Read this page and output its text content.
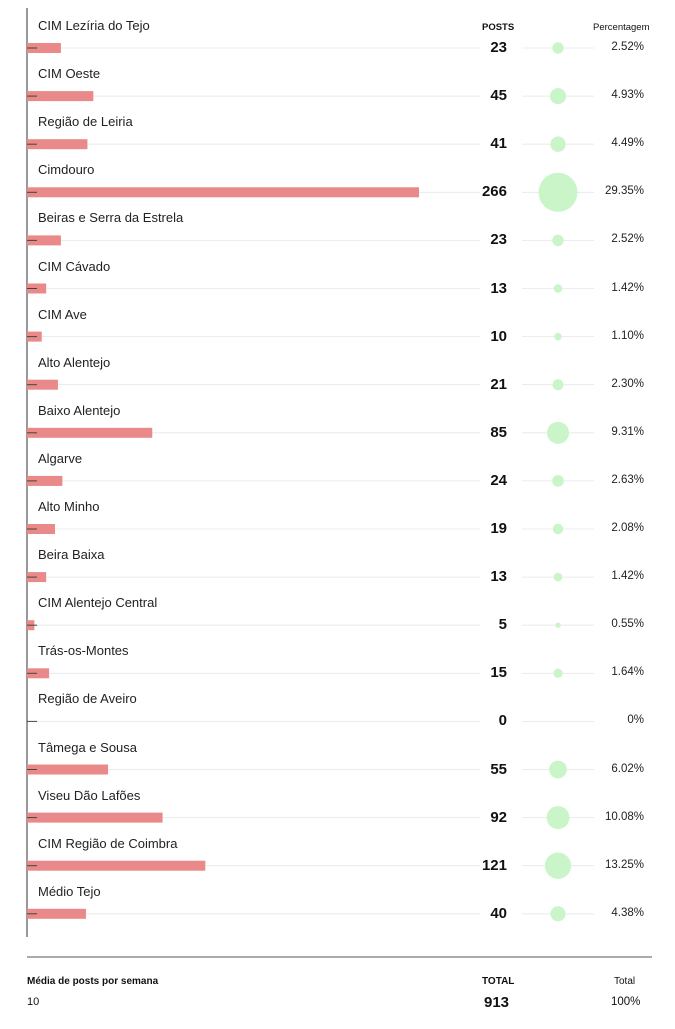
POSTS	Percentagem
CIM Lezíria do Tejo
23	2.52%
CIM Oeste
45	4.93%
Região de Leiria
41	4.49%
Cimdouro
266	29.35%
Beiras e Serra da Estrela
23	2.52%
CIM Cávado
13	1.42%
CIM Ave
10	1.10%
Alto Alentejo
21	2.30%
Baixo Alentejo
85	9.31%
Algarve
24	2.63%
Alto Minho
19	2.08%
Beira Baixa
13	1.42%
CIM Alentejo Central
5	0.55%
Trás-os-Montes
15	1.64%
Região de Aveiro
0	0%
Tâmega e Sousa
55	6.02%
Viseu Dão Lafões
92	10.08%
CIM Região de Coimbra
121	13.25%
Médio Tejo
40	4.38%
Média de posts por semana
10
TOTAL
913
Total
100%
